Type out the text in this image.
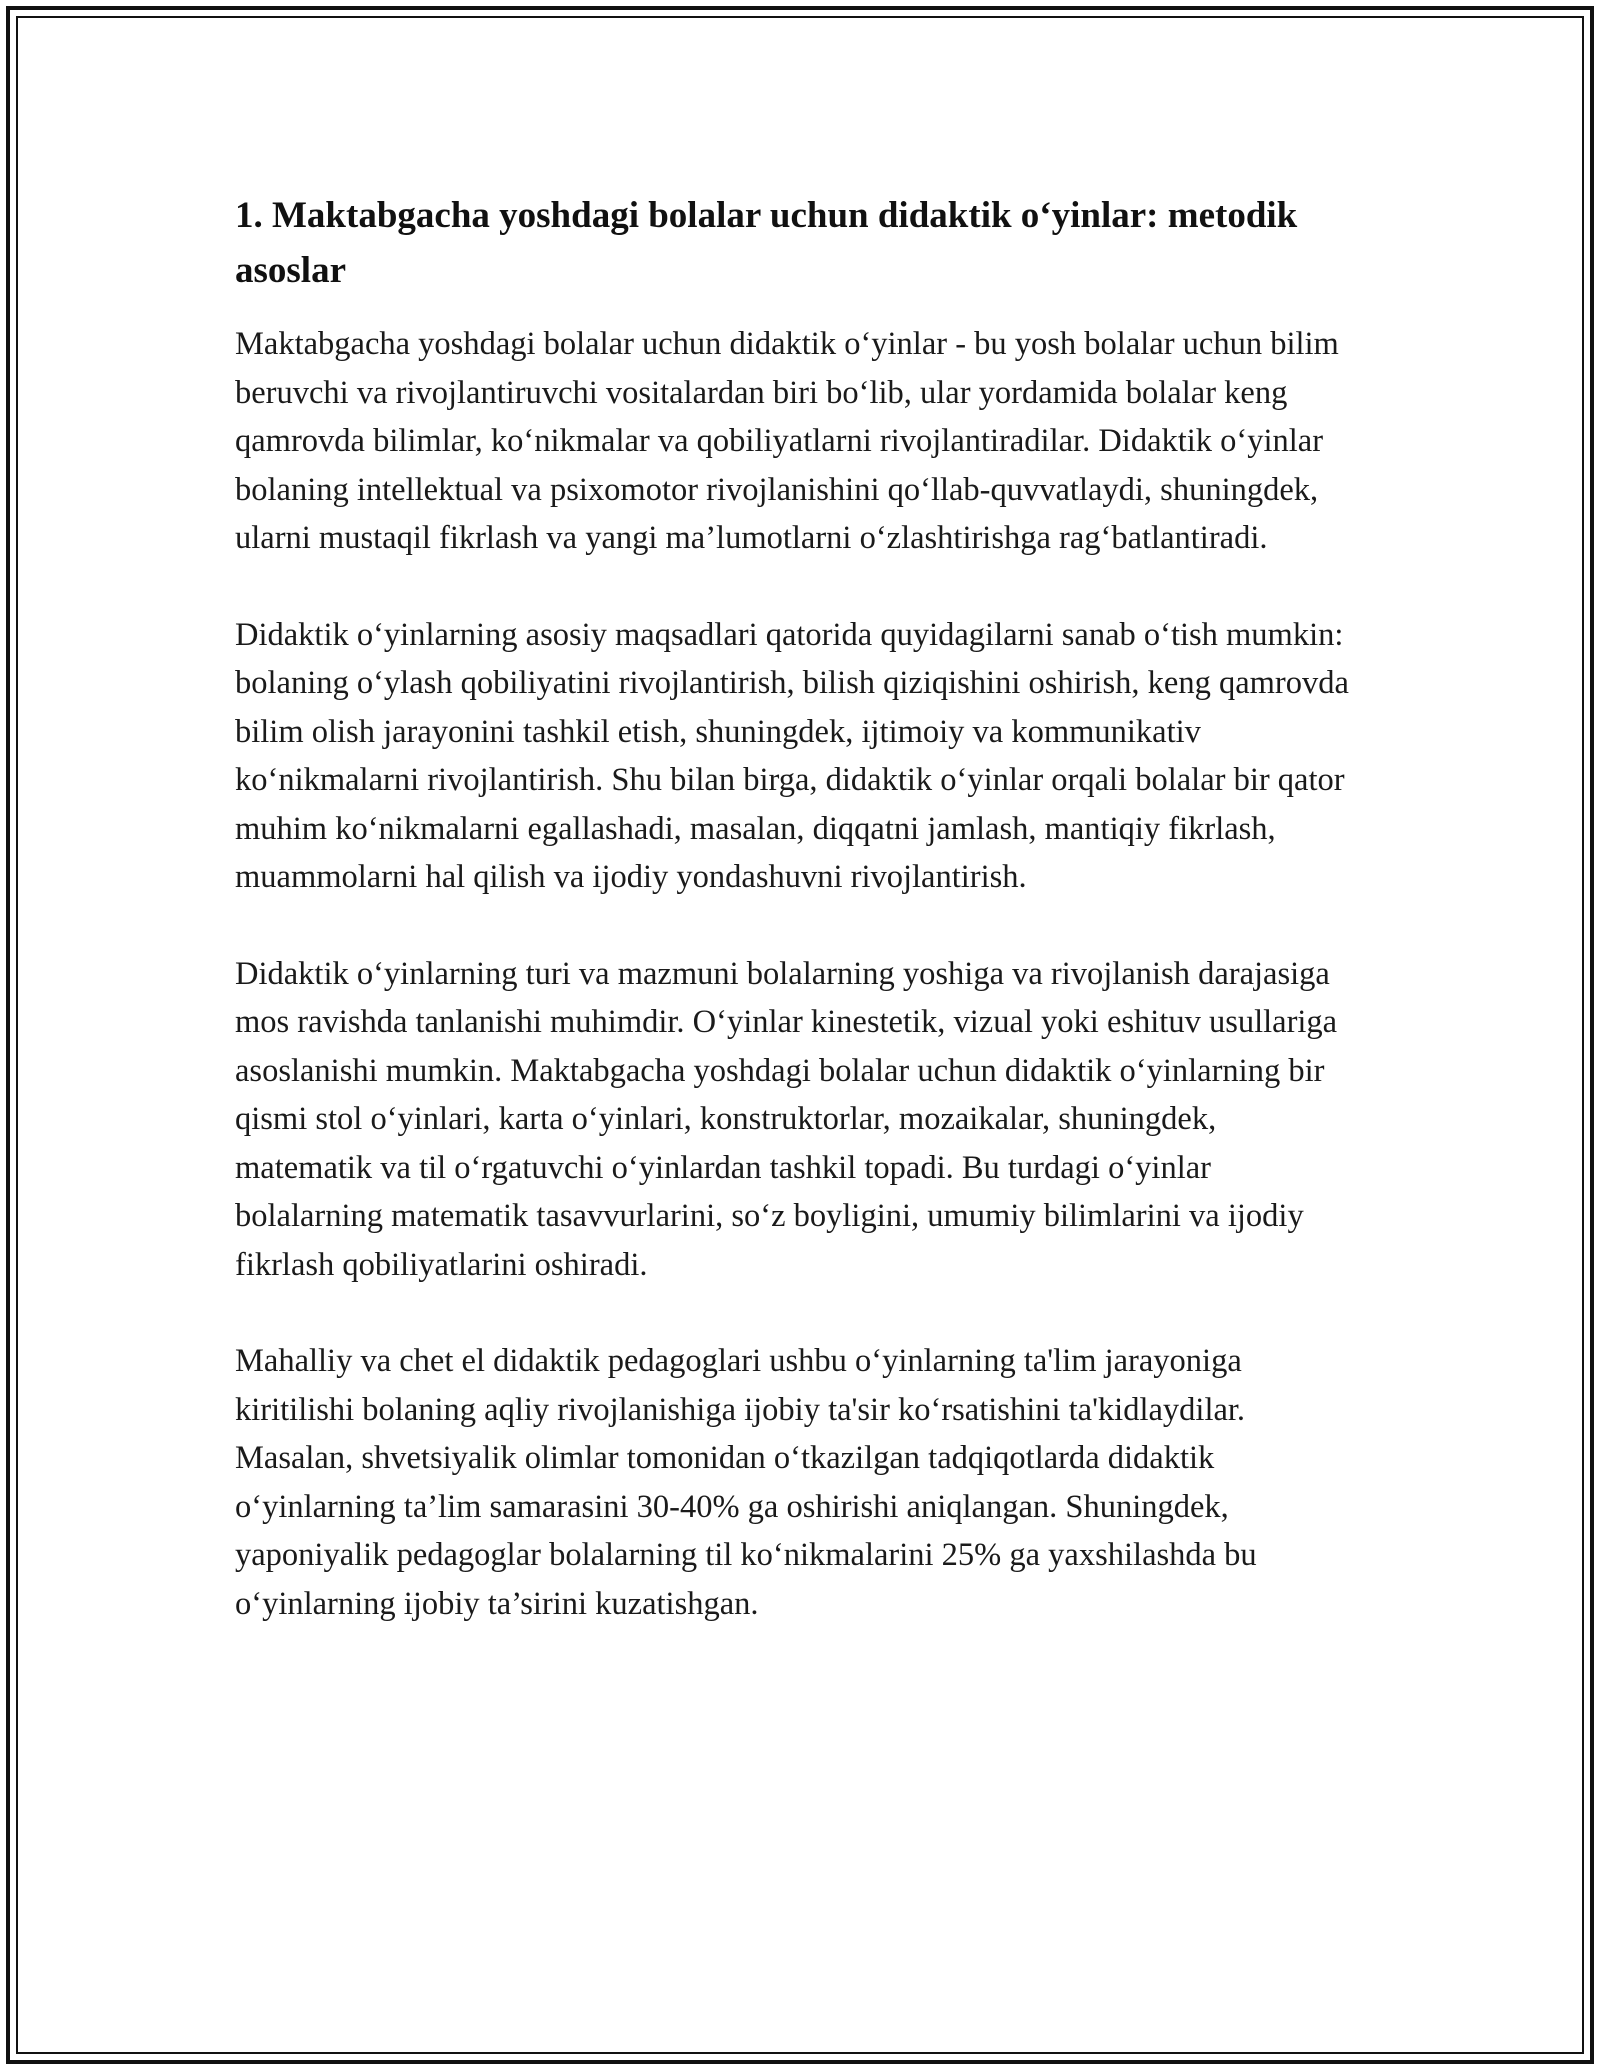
1. Maktabgacha yoshdagi bolalar uchun didaktik o‘yinlar: metodik asoslar

Maktabgacha yoshdagi bolalar uchun didaktik o‘yinlar - bu yosh bolalar uchun bilim beruvchi va rivojlantiruvchi vositalardan biri bo‘lib, ular yordamida bolalar keng qamrovda bilimlar, ko‘nikmalar va qobiliyatlarni rivojlantiradilar. Didaktik o‘yinlar bolaning intellektual va psixomotor rivojlanishini qo‘llab-quvvatlaydi, shuningdek, ularni mustaqil fikrlash va yangi ma’lumotlarni o‘zlashtirishga rag‘batlantiradi.

Didaktik o‘yinlarning asosiy maqsadlari qatorida quyidagilarni sanab o‘tish mumkin: bolaning o‘ylash qobiliyatini rivojlantirish, bilish qiziqishini oshirish, keng qamrovda bilim olish jarayonini tashkil etish, shuningdek, ijtimoiy va kommunikativ ko‘nikmalarni rivojlantirish. Shu bilan birga, didaktik o‘yinlar orqali bolalar bir qator muhim ko‘nikmalarni egallashadi, masalan, diqqatni jamlash, mantiqiy fikrlash, muammolarni hal qilish va ijodiy yondashuvni rivojlantirish.

Didaktik o‘yinlarning turi va mazmuni bolalarning yoshiga va rivojlanish darajasiga mos ravishda tanlanishi muhimdir. O‘yinlar kinestetik, vizual yoki eshituv usullariga asoslanishi mumkin. Maktabgacha yoshdagi bolalar uchun didaktik o‘yinlarning bir qismi stol o‘yinlari, karta o‘yinlari, konstruktorlar, mozaikalar, shuningdek, matematik va til o‘rgatuvchi o‘yinlardan tashkil topadi. Bu turdagi o‘yinlar bolalarning matematik tasavvurlarini, so‘z boyligini, umumiy bilimlarini va ijodiy fikrlash qobiliyatlarini oshiradi.

Mahalliy va chet el didaktik pedagoglari ushbu o‘yinlarning ta'lim jarayoniga kiritilishi bolaning aqliy rivojlanishiga ijobiy ta'sir ko‘rsatishini ta'kidlaydilar. Masalan, shvetsiyalik olimlar tomonidan o‘tkazilgan tadqiqotlarda didaktik o‘yinlarning ta’lim samarasini 30-40% ga oshirishi aniqlangan. Shuningdek, yaponiyalik pedagoglar bolalarning til ko‘nikmalarini 25% ga yaxshilashda bu o‘yinlarning ijobiy ta’sirini kuzatishgan.
